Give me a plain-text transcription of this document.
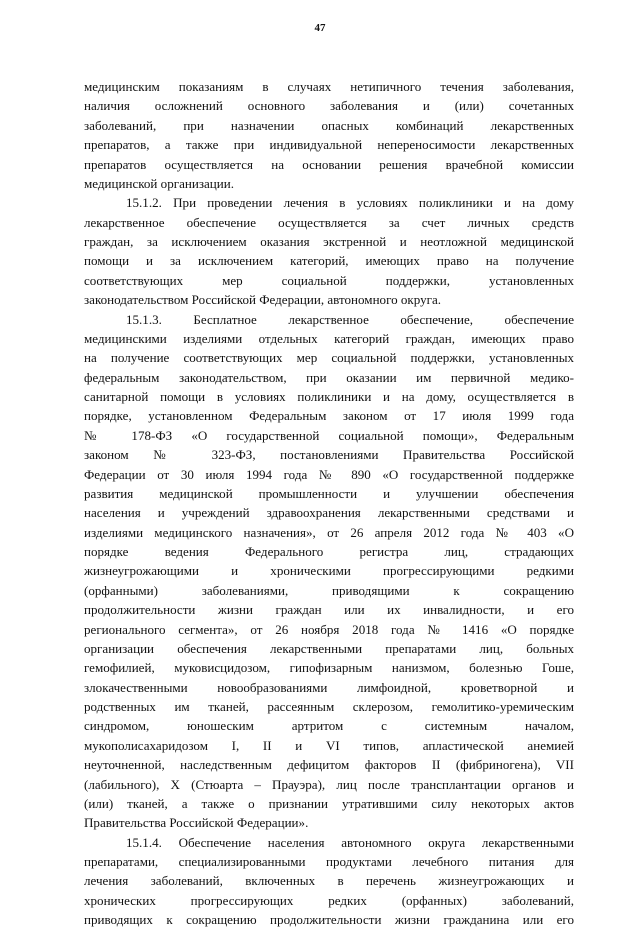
47
медицинским показаниям в случаях нетипичного течения заболевания,
наличия осложнений основного заболевания и (или) сочетанных
заболеваний, при назначении опасных комбинаций лекарственных
препаратов, а также при индивидуальной непереносимости лекарственных
препаратов осуществляется на основании решения врачебной комиссии
медицинской организации.
15.1.2. При проведении лечения в условиях поликлиники и на дому
лекарственное обеспечение осуществляется за счет личных средств
граждан, за исключением оказания экстренной и неотложной медицинской
помощи и за исключением категорий, имеющих право на получение
соответствующих мер социальной поддержки, установленных
законодательством Российской Федерации, автономного округа.
15.1.3. Бесплатное лекарственное обеспечение, обеспечение
медицинскими изделиями отдельных категорий граждан, имеющих право
на получение соответствующих мер социальной поддержки, установленных
федеральным законодательством, при оказании им первичной медико-
санитарной помощи в условиях поликлиники и на дому, осуществляется в
порядке, установленном Федеральным законом от 17 июля 1999 года
№ 178-ФЗ «О государственной социальной помощи», Федеральным
законом № 323-ФЗ, постановлениями Правительства Российской
Федерации от 30 июля 1994 года № 890 «О государственной поддержке
развития медицинской промышленности и улучшении обеспечения
населения и учреждений здравоохранения лекарственными средствами и
изделиями медицинского назначения», от 26 апреля 2012 года № 403 «О
порядке ведения Федерального регистра лиц, страдающих
жизнеугрожающими и хроническими прогрессирующими редкими
(орфанными) заболеваниями, приводящими к сокращению
продолжительности жизни граждан или их инвалидности, и его
регионального сегмента», от 26 ноября 2018 года № 1416 «О порядке
организации обеспечения лекарственными препаратами лиц, больных
гемофилией, муковисцидозом, гипофизарным нанизмом, болезнью Гоше,
злокачественными новообразованиями лимфоидной, кроветворной и
родственных им тканей, рассеянным склерозом, гемолитико-уремическим
синдромом, юношеским артритом с системным началом,
мукополисахаридозом I, II и VI типов, апластической анемией
неуточненной, наследственным дефицитом факторов II (фибриногена), VII
(лабильного), X (Стюарта – Прауэра), лиц после трансплантации органов и
(или) тканей, а также о признании утратившими силу некоторых актов
Правительства Российской Федерации».
15.1.4. Обеспечение населения автономного округа лекарственными
препаратами, специализированными продуктами лечебного питания для
лечения заболеваний, включенных в перечень жизнеугрожающих и
хронических прогрессирующих редких (орфанных) заболеваний,
приводящих к сокращению продолжительности жизни гражданина или его
